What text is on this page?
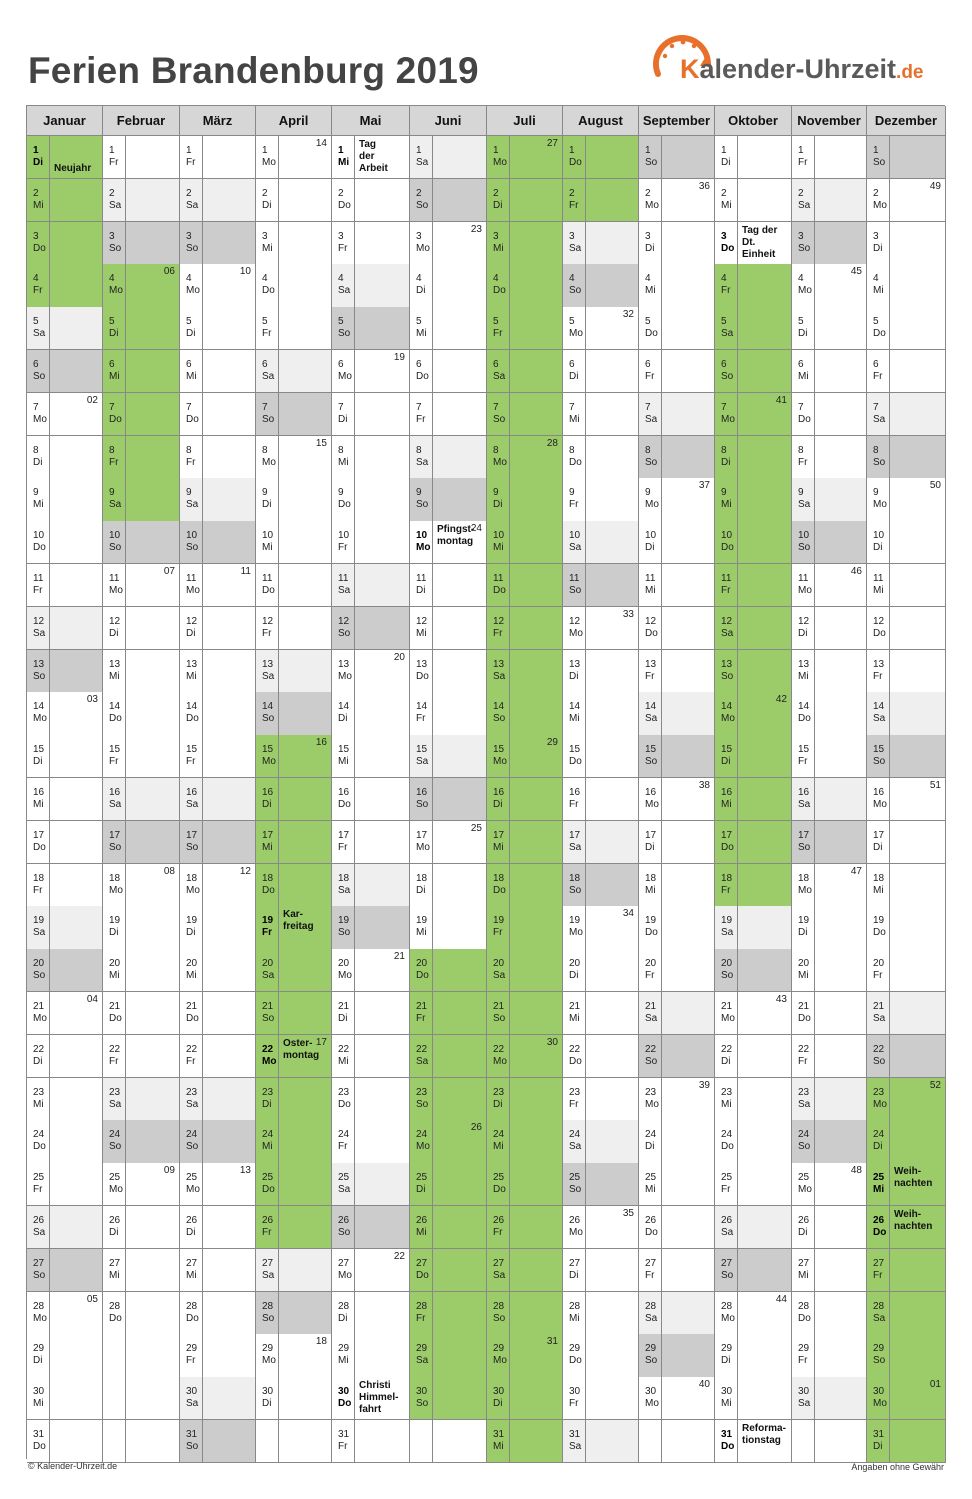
Ferien Brandenburg 2019	Kalender-Uhrzeit.de
Januar
1
Di
Neujahr
2
Mi
3
Do
4
Fr
5
Sa
6
So
7
Mo
02
8
Di
9
Mi
10
Do
11
Fr
12
Sa
13
So
14
Mo
03
15
Di
16
Mi
17
Do
18
Fr
19
Sa
20
So
21
Mo
04
22
Di
23
Mi
24
Do
25
Fr
26
Sa
27
So
28
Mo
05
29
Di
30
Mi
31
Do
Februar
1
Fr
2
Sa
3
So
4
Mo
06
5
Di
6
Mi
7
Do
8
Fr
9
Sa
10
So
11
Mo
07
12
Di
13
Mi
14
Do
15
Fr
16
Sa
17
So
18
Mo
08
19
Di
20
Mi
21
Do
22
Fr
23
Sa
24
So
25
Mo
09
26
Di
27
Mi
28
Do
März
1
Fr
2
Sa
3
So
4
Mo
10
5
Di
6
Mi
7
Do
8
Fr
9
Sa
10
So
11
Mo
11
12
Di
13
Mi
14
Do
15
Fr
16
Sa
17
So
18
Mo
12
19
Di
20
Mi
21
Do
22
Fr
23
Sa
24
So
25
Mo
13
26
Di
27
Mi
28
Do
29
Fr
30
Sa
31
So
April
1
Mo
14
2
Di
3
Mi
4
Do
5
Fr
6
Sa
7
So
8
Mo
15
9
Di
10
Mi
11
Do
12
Fr
13
Sa
14
So
15
Mo
16
16
Di
17
Mi
18
Do
19
Fr
Kar-
freitag
20
Sa
21
So
22
Mo
Oster-
montag
17
23
Di
24
Mi
25
Do
26
Fr
27
Sa
28
So
29
Mo
18
30
Di
Mai
1
Mi
Tag
der
Arbeit
2
Do
3
Fr
4
Sa
5
So
6
Mo
19
7
Di
8
Mi
9
Do
10
Fr
11
Sa
12
So
13
Mo
20
14
Di
15
Mi
16
Do
17
Fr
18
Sa
19
So
20
Mo
21
21
Di
22
Mi
23
Do
24
Fr
25
Sa
26
So
27
Mo
22
28
Di
29
Mi
30
Do
Christi
Himmel-
fahrt
31
Fr
Juni
1
Sa
2
So
3
Mo
23
4
Di
5
Mi
6
Do
7
Fr
8
Sa
9
So
10
Mo
Pfingst-
montag
24
11
Di
12
Mi
13
Do
14
Fr
15
Sa
16
So
17
Mo
25
18
Di
19
Mi
20
Do
21
Fr
22
Sa
23
So
24
Mo
26
25
Di
26
Mi
27
Do
28
Fr
29
Sa
30
So
Juli
1
Mo
27
2
Di
3
Mi
4
Do
5
Fr
6
Sa
7
So
8
Mo
28
9
Di
10
Mi
11
Do
12
Fr
13
Sa
14
So
15
Mo
29
16
Di
17
Mi
18
Do
19
Fr
20
Sa
21
So
22
Mo
30
23
Di
24
Mi
25
Do
26
Fr
27
Sa
28
So
29
Mo
31
30
Di
31
Mi
August
1
Do
2
Fr
3
Sa
4
So
5
Mo
32
6
Di
7
Mi
8
Do
9
Fr
10
Sa
11
So
12
Mo
33
13
Di
14
Mi
15
Do
16
Fr
17
Sa
18
So
19
Mo
34
20
Di
21
Mi
22
Do
23
Fr
24
Sa
25
So
26
Mo
35
27
Di
28
Mi
29
Do
30
Fr
31
Sa
September
1
So
2
Mo
36
3
Di
4
Mi
5
Do
6
Fr
7
Sa
8
So
9
Mo
37
10
Di
11
Mi
12
Do
13
Fr
14
Sa
15
So
16
Mo
38
17
Di
18
Mi
19
Do
20
Fr
21
Sa
22
So
23
Mo
39
24
Di
25
Mi
26
Do
27
Fr
28
Sa
29
So
30
Mo
40
Oktober
1
Di
2
Mi
3
Do
Tag der
Dt.
Einheit
4
Fr
5
Sa
6
So
7
Mo
41
8
Di
9
Mi
10
Do
11
Fr
12
Sa
13
So
14
Mo
42
15
Di
16
Mi
17
Do
18
Fr
19
Sa
20
So
21
Mo
43
22
Di
23
Mi
24
Do
25
Fr
26
Sa
27
So
28
Mo
44
29
Di
30
Mi
31
Do
Reforma-
tionstag
November
1
Fr
2
Sa
3
So
4
Mo
45
5
Di
6
Mi
7
Do
8
Fr
9
Sa
10
So
11
Mo
46
12
Di
13
Mi
14
Do
15
Fr
16
Sa
17
So
18
Mo
47
19
Di
20
Mi
21
Do
22
Fr
23
Sa
24
So
25
Mo
48
26
Di
27
Mi
28
Do
29
Fr
30
Sa
Dezember
1
So
2
Mo
49
3
Di
4
Mi
5
Do
6
Fr
7
Sa
8
So
9
Mo
50
10
Di
11
Mi
12
Do
13
Fr
14
Sa
15
So
16
Mo
51
17
Di
18
Mi
19
Do
20
Fr
21
Sa
22
So
23
Mo
52
24
Di
25
Mi
Weih-
nachten
26
Do
Weih-
nachten
27
Fr
28
Sa
29
So
30
Mo
01
31
Di
© Kalender-Uhrzeit.de	Angaben ohne Gewähr
